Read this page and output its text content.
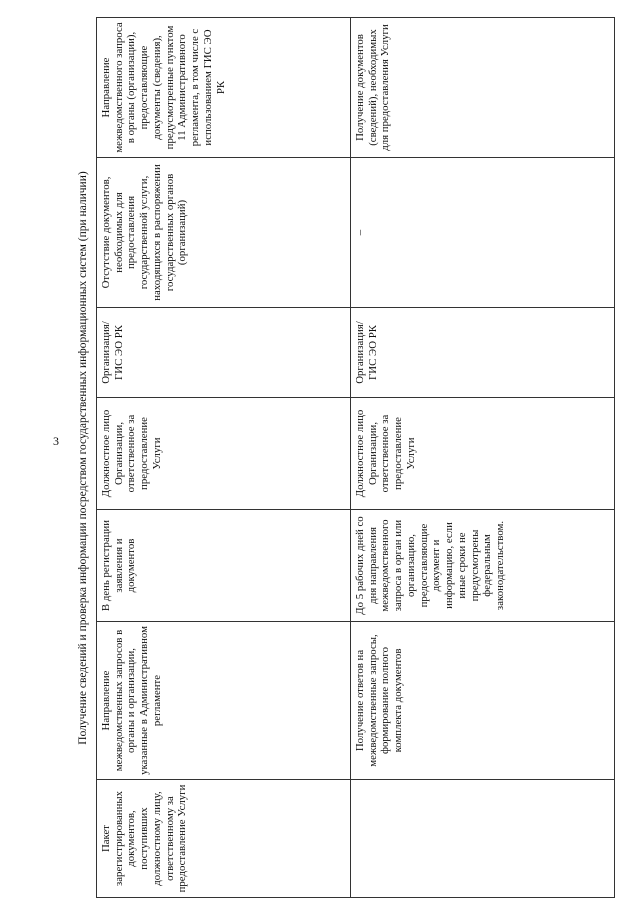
3	Получение сведений и проверка информации посредством государственных информационных систем (при наличии)
Пакет зарегистрированных документов, поступивших должностному лицу, ответственному за предоставление Услуги	Направление межведомственных запросов в органы и организации, указанные в Административном регламенте	В день регистрации заявления и документов	Должностное лицо Организации, ответственное за предоставление Услуги	Организация/ ГИС ЭО РК	Отсутствие документов, необходимых для предоставления государственной услуги, находящихся в распоряжении государственных органов (организаций)	Направление межведомственного запроса в органы (организации), предоставляющие документы (сведения), предусмотренные пунктом 11 Административного регламента, в том числе с использованием ГИС ЭО РК
	Получение ответов на межведомственные запросы, формирование полного комплекта документов	До 5 рабочих дней со дня направления межведомственного запроса в орган или организацию, предоставляющие документ и информацию, если иные сроки не предусмотрены федеральным законодательством.	Должностное лицо Организации, ответственное за предоставление Услуги	Организация/ ГИС ЭО РК	–	Получение документов (сведений), необходимых для предоставления Услуги
